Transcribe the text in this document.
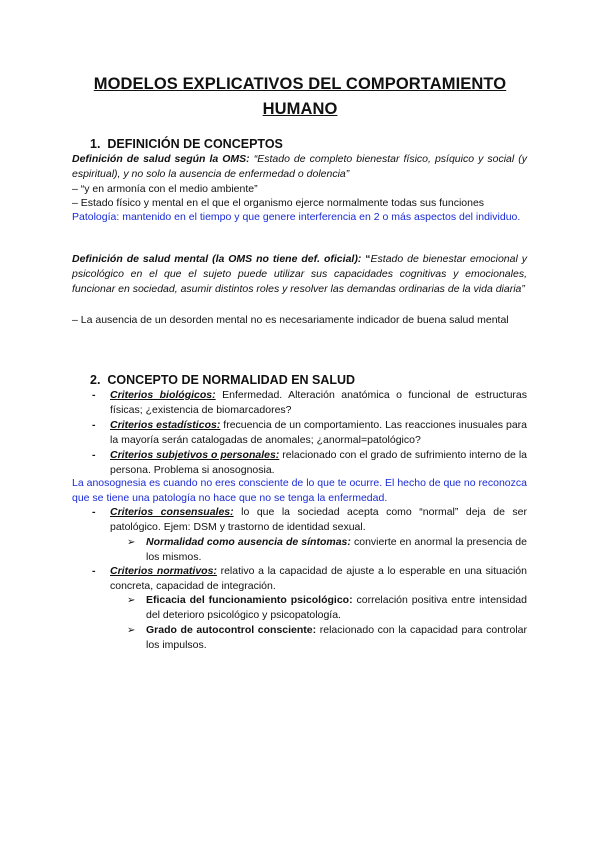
MODELOS EXPLICATIVOS DEL COMPORTAMIENTO
HUMANO
1. DEFINICIÓN DE CONCEPTOS
Definición de salud según la OMS: “Estado de completo bienestar físico, psíquico y social (y espiritual), y no solo la ausencia de enfermedad o dolencia”
– “y en armonía con el medio ambiente”
– Estado físico y mental en el que el organismo ejerce normalmente todas sus funciones
Patología: mantenido en el tiempo y que genere interferencia en 2 o más aspectos del individuo.
Definición de salud mental (la OMS no tiene def. oficial): “Estado de bienestar emocional y psicológico en el que el sujeto puede utilizar sus capacidades cognitivas y emocionales, funcionar en sociedad, asumir distintos roles y resolver las demandas ordinarias de la vida diaria”
– La ausencia de un desorden mental no es necesariamente indicador de buena salud mental
2. CONCEPTO DE NORMALIDAD EN SALUD
- Criterios biológicos: Enfermedad. Alteración anatómica o funcional de estructuras físicas; ¿existencia de biomarcadores?
- Criterios estadísticos: frecuencia de un comportamiento. Las reacciones inusuales para la mayoría serán catalogadas de anomales; ¿anormal=patológico?
- Criterios subjetivos o personales: relacionado con el grado de sufrimiento interno de la persona. Problema si anosognosia.
La anosognesia es cuando no eres consciente de lo que te ocurre. El hecho de que no reconozca que se tiene una patología no hace que no se tenga la enfermedad.
- Criterios consensuales: lo que la sociedad acepta como “normal” deja de ser patológico. Ejem: DSM y trastorno de identidad sexual.
➢ Normalidad como ausencia de síntomas: convierte en anormal la presencia de los mismos.
- Criterios normativos: relativo a la capacidad de ajuste a lo esperable en una situación concreta, capacidad de integración.
➢ Eficacia del funcionamiento psicológico: correlación positiva entre intensidad del deterioro psicológico y psicopatología.
➢ Grado de autocontrol consciente: relacionado con la capacidad para controlar los impulsos.
